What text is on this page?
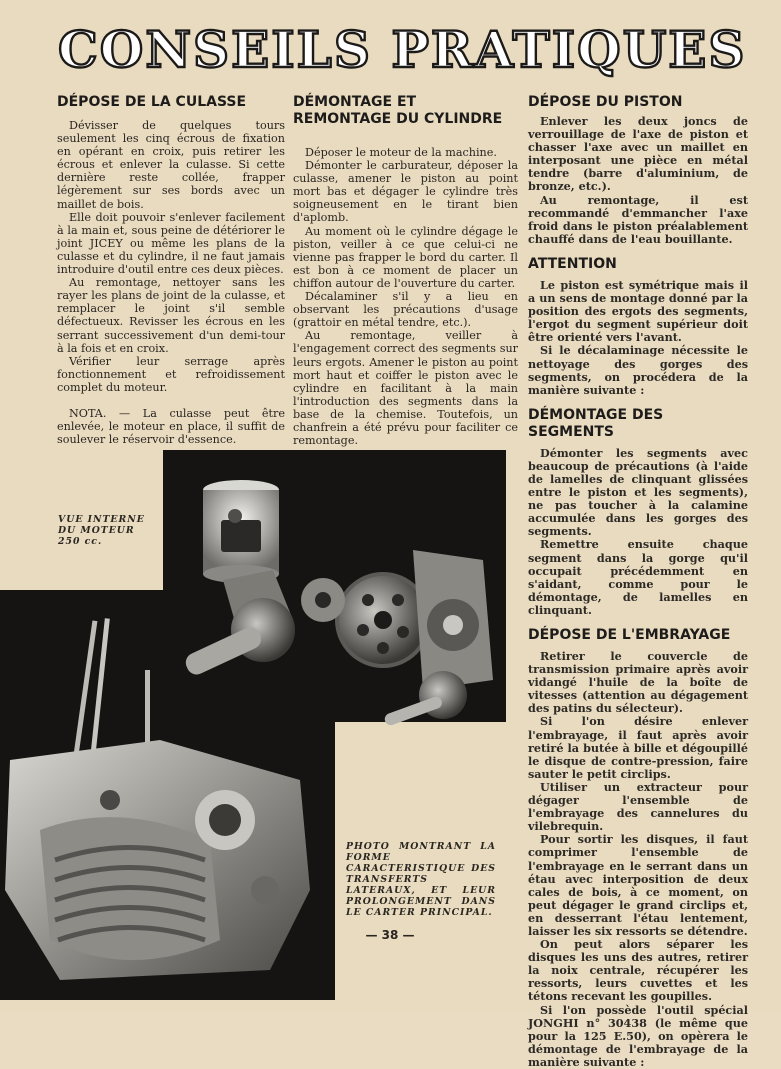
CONSEILS PRATIQUES
DÉPOSE DE LA CULASSE

Dévisser de quelques tours seulement les cinq écrous de fixation en opérant en croix, puis retirer les écrous et enlever la culasse. Si cette dernière reste collée, frapper légèrement sur ses bords avec un maillet de bois.

Elle doit pouvoir s'enlever facilement à la main et, sous peine de détériorer le joint JICEY ou même les plans de la culasse et du cylindre, il ne faut jamais introduire d'outil entre ces deux pièces.

Au remontage, nettoyer sans les rayer les plans de joint de la culasse, et remplacer le joint s'il semble défectueux. Revisser les écrous en les serrant successivement d'un demi-tour à la fois et en croix.

Vérifier leur serrage après fonctionnement et refroidissement complet du moteur.

NOTA. — La culasse peut être enlevée, le moteur en place, il suffit de soulever le réservoir d'essence.

DÉMONTAGE ET REMONTAGE DU CYLINDRE

Déposer le moteur de la machine.

Démonter le carburateur, déposer la culasse, amener le piston au point mort bas et dégager le cylindre très soigneusement en le tirant bien d'aplomb.

Au moment où le cylindre dégage le piston, veiller à ce que celui-ci ne vienne pas frapper le bord du carter. Il est bon à ce moment de placer un chiffon autour de l'ouverture du carter.

Décalaminer s'il y a lieu en observant les précautions d'usage (grattoir en métal tendre, etc.).

Au remontage, veiller à l'engagement correct des segments sur leurs ergots. Amener le piston au point mort haut et coiffer le piston avec le cylindre en facilitant à la main l'introduction des segments dans la base de la chemise. Toutefois, un chanfrein a été prévu pour faciliter ce remontage.

DÉPOSE DU PISTON

Enlever les deux joncs de verrouillage de l'axe de piston et chasser l'axe avec un maillet en interposant une pièce en métal tendre (barre d'aluminium, de bronze, etc.).

Au remontage, il est recommandé d'emmancher l'axe froid dans le piston préalablement chauffé dans de l'eau bouillante.

ATTENTION

Le piston est symétrique mais il a un sens de montage donné par la position des ergots des segments, l'ergot du segment supérieur doit être orienté vers l'avant.

Si le décalaminage nécessite le nettoyage des gorges des segments, on procédera de la manière suivante :

DÉMONTAGE DES SEGMENTS

Démonter les segments avec beaucoup de précautions (à l'aide de lamelles de clinquant glissées entre le piston et les segments), ne pas toucher à la calamine accumulée dans les gorges des segments.

Remettre ensuite chaque segment dans la gorge qu'il occupait précédemment en s'aidant, comme pour le démontage, de lamelles en clinquant.

DÉPOSE DE L'EMBRAYAGE

Retirer le couvercle de transmission primaire après avoir vidangé l'huile de la boîte de vitesses (attention au dégagement des patins du sélecteur).

Si l'on désire enlever l'embrayage, il faut après avoir retiré la butée à bille et dégoupillé le disque de contre-pression, faire sauter le petit circlips.

Utiliser un extracteur pour dégager l'ensemble de l'embrayage des cannelures du vilebrequin.

Pour sortir les disques, il faut comprimer l'ensemble de l'embrayage en le serrant dans un étau avec interposition de deux cales de bois, à ce moment, on peut dégager le grand circlips et, en desserrant l'étau lentement, laisser les six ressorts se détendre.

On peut alors séparer les disques les uns des autres, retirer la noix centrale, récupérer les ressorts, leurs cuvettes et les tétons recevant les goupilles.

Si l'on possède l'outil spécial JONGHI n° 30438 (le même que pour la 125 E.50), on opèrera le démontage de l'embrayage de la manière suivante :

VUE INTERNE DU MOTEUR 250 cc.
PHOTO MONTRANT LA FORME CARACTERISTIQUE DES TRANSFERTS LATERAUX, ET LEUR PROLONGEMENT DANS LE CARTER PRINCIPAL.
— 38 —
